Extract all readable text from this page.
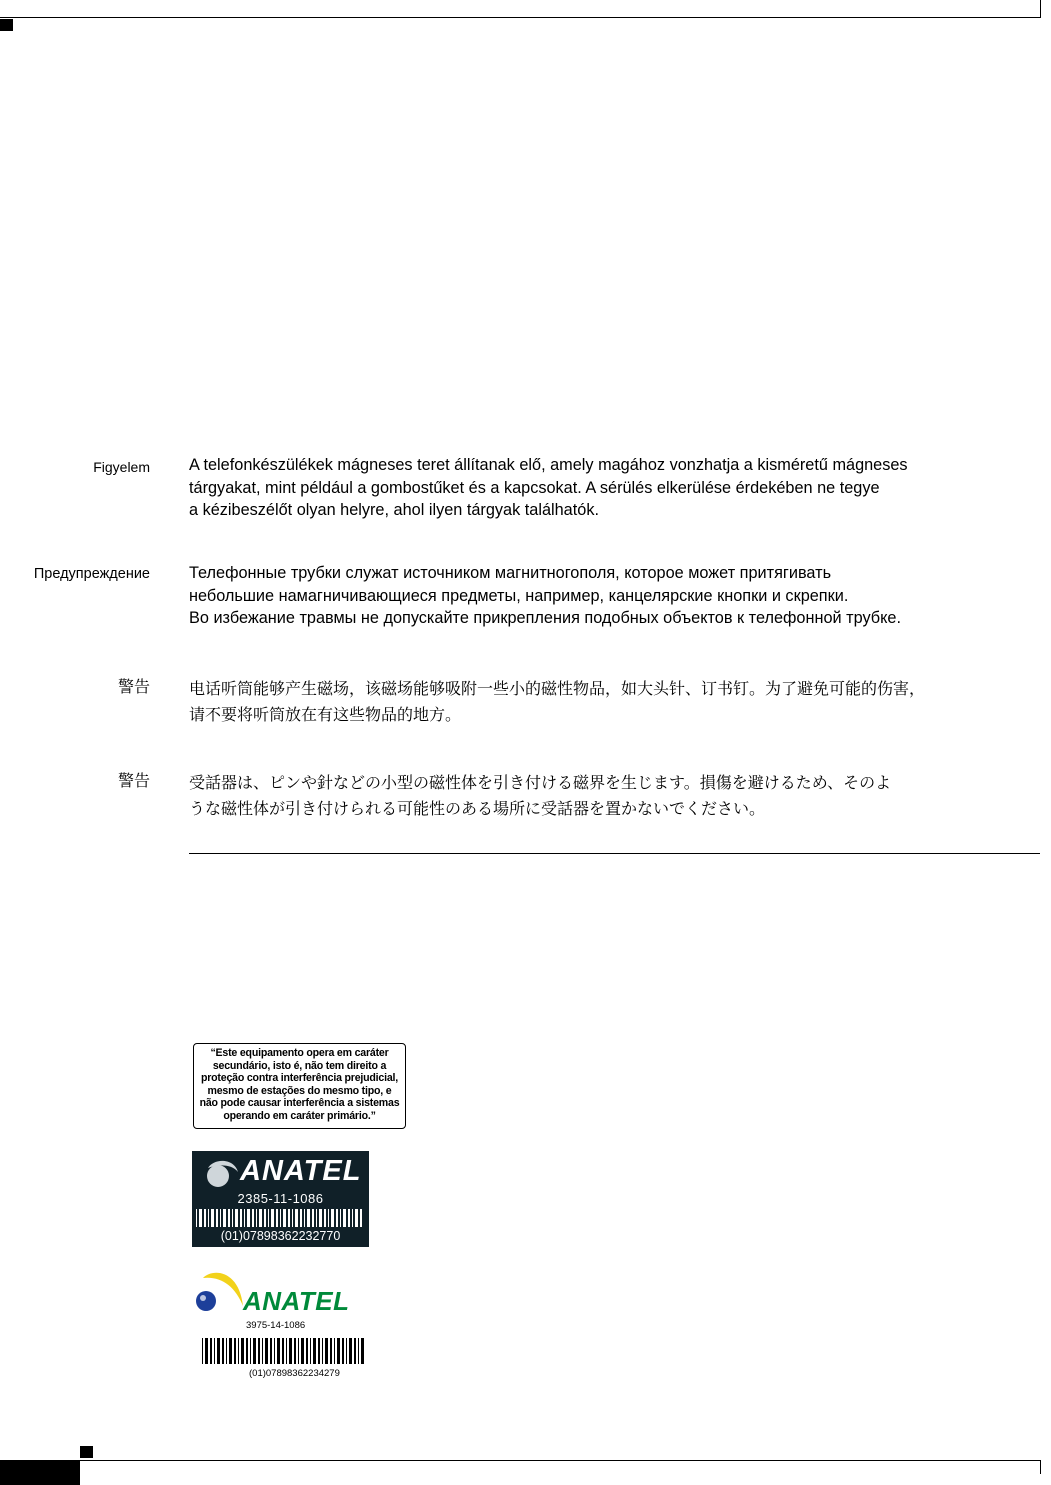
Figyelem A telefonkészülékek mágneses teret állítanak elő, amely magához vonzhatja a kisméretű mágneses
tárgyakat, mint például a gombostűket és a kapcsokat. A sérülés elkerülése érdekében ne tegye
a kézibeszélőt olyan helyre, ahol ilyen tárgyak találhatók.
Предупреждение Телефонные трубки служат источником магнитногополя, которое может притягивать
небольшие намагничивающиеся предметы, например, канцелярские кнопки и скрепки.
Во избежание травмы не допускайте прикрепления подобных объектов к телефонной трубке.
警告 电话听筒能够产生磁场，该磁场能够吸附一些小的磁性物品，如大头针、订书钉。为了避免可能的伤害，
请不要将听筒放在有这些物品的地方。
警告 受話器は、ピンや針などの小型の磁性体を引き付ける磁界を生じます。損傷を避けるため、そのよ
うな磁性体が引き付けられる可能性のある場所に受話器を置かないでください。
“Este equipamento opera em caráter
secundário, isto é, não tem direito a
proteção contra interferência prejudicial,
mesmo de estações do mesmo tipo, e
não pode causar interferência a sistemas
operando em caráter primário.”
ANATEL
2385-11-1086
(01)07898362232770
ANATEL
3975-14-1086
(01)07898362234279
